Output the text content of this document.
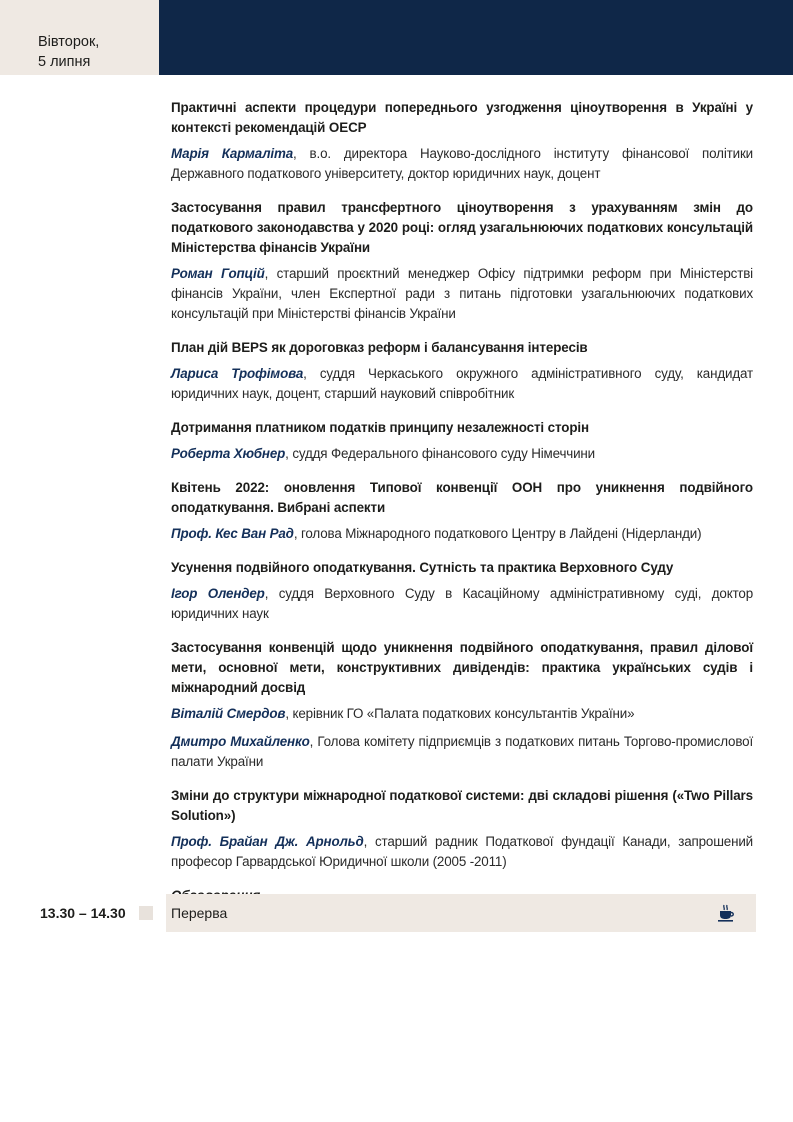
Вівторок,
5 липня
Практичні аспекти процедури попереднього узгодження ціноутворення в Україні у контексті рекомендацій ОЕСР
Марія Кармаліта, в.о. директора Науково-дослідного інституту фінансової політики Державного податкового університету, доктор юридичних наук, доцент
Застосування правил трансфертного ціноутворення з урахуванням змін до податкового законодавства у 2020 році: огляд узагальнюючих податкових консультацій Міністерства фінансів України
Роман Гопцій, старший проєктний менеджер Офісу підтримки реформ при Міністерстві фінансів України, член Експертної ради з питань підготовки узагальнюючих податкових консультацій при Міністерстві фінансів України
План дій BEPS як дороговказ реформ і балансування інтересів
Лариса Трофімова, суддя Черкаського окружного адміністративного суду, кандидат юридичних наук, доцент, старший науковий співробітник
Дотримання платником податків принципу незалежності сторін
Роберта Хюбнер, суддя Федерального фінансового суду Німеччини
Квітень 2022: оновлення Типової конвенції ООН про уникнення подвійного оподаткування. Вибрані аспекти
Проф. Кес Ван Рад, голова Міжнародного податкового Центру в Лайдені (Нідерланди)
Усунення подвійного оподаткування. Сутність та практика Верховного Суду
Ігор Олендер, суддя Верховного Суду в Касаційному адміністративному суді, доктор юридичних наук
Застосування конвенцій щодо уникнення подвійного оподаткування, правил ділової мети, основної мети, конструктивних дивідендів: практика українських судів і міжнародний досвід
Віталій Смердов, керівник ГО «Палата податкових консультантів України»
Дмитро Михайленко, Голова комітету підприємців з податкових питань Торгово-промислової палати України
Зміни до структури міжнародної податкової системи: дві складові рішення («Two Pillars Solution»)
Проф. Брайан Дж. Арнольд, старший радник Податкової фундації Канади, запрошений професор Гарвардської Юридичної школи (2005 -2011)
13.30 – 14.30	Перерва
